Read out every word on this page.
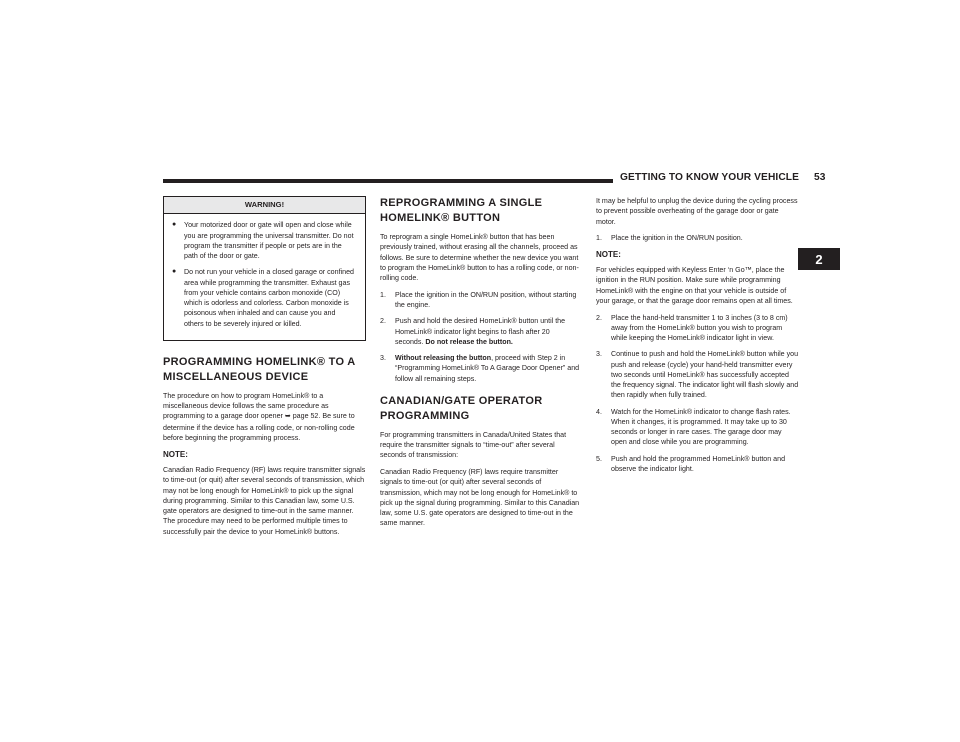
GETTING TO KNOW YOUR VEHICLE 53
2
WARNING!
● Your motorized door or gate will open and close while you are programming the universal transmitter. Do not program the transmitter if people or pets are in the path of the door or gate.
● Do not run your vehicle in a closed garage or confined area while programming the transmitter. Exhaust gas from your vehicle contains carbon monoxide (CO) which is odorless and colorless. Carbon monoxide is poisonous when inhaled and can cause you and others to be severely injured or killed.
PROGRAMMING HOMELINK® TO A MISCELLANEOUS DEVICE

The procedure on how to program HomeLink® to a miscellaneous device follows the same procedure as programming to a garage door opener ➥ page 52. Be sure to determine if the device has a rolling code, or non-rolling code before beginning the programming process.

NOTE:

Canadian Radio Frequency (RF) laws require transmitter signals to time-out (or quit) after several seconds of transmission, which may not be long enough for HomeLink® to pick up the signal during programming. Similar to this Canadian law, some U.S. gate operators are designed to time-out in the same manner. The procedure may need to be performed multiple times to successfully pair the device to your HomeLink® buttons.

REPROGRAMMING A SINGLE HOMELINK® BUTTON

To reprogram a single HomeLink® button that has been previously trained, without erasing all the channels, proceed as follows. Be sure to determine whether the new device you want to program the HomeLink® button to has a rolling code, or non-rolling code.

1.	Place the ignition in the ON/RUN position, without starting the engine.
2.	Push and hold the desired HomeLink® button until the HomeLink® indicator light begins to flash after 20 seconds. Do not release the button.
3.	Without releasing the button, proceed with Step 2 in “Programming HomeLink® To A Garage Door Opener” and follow all remaining steps.
CANADIAN/GATE OPERATOR PROGRAMMING

For programming transmitters in Canada/United States that require the transmitter signals to “time-out” after several seconds of transmission:

Canadian Radio Frequency (RF) laws require transmitter signals to time-out (or quit) after several seconds of transmission, which may not be long enough for HomeLink® to pick up the signal during programming. Similar to this Canadian law, some U.S. gate operators are designed to time-out in the same manner.

It may be helpful to unplug the device during the cycling process to prevent possible overheating of the garage door or gate motor.

1.	Place the ignition in the ON/RUN position.

NOTE:

For vehicles equipped with Keyless Enter ‘n Go™, place the ignition in the RUN position. Make sure while programming HomeLink® with the engine on that your vehicle is outside of your garage, or that the garage door remains open at all times.

2.	Place the hand-held transmitter 1 to 3 inches (3 to 8 cm) away from the HomeLink® button you wish to program while keeping the HomeLink® indicator light in view.
3.	Continue to push and hold the HomeLink® button while you push and release (cycle) your hand-held transmitter every two seconds until HomeLink® has successfully accepted the frequency signal. The indicator light will flash slowly and then rapidly when fully trained.
4.	Watch for the HomeLink® indicator to change flash rates. When it changes, it is programmed. It may take up to 30 seconds or longer in rare cases. The garage door may open and close while you are programming.
5.	Push and hold the programmed HomeLink® button and observe the indicator light.
